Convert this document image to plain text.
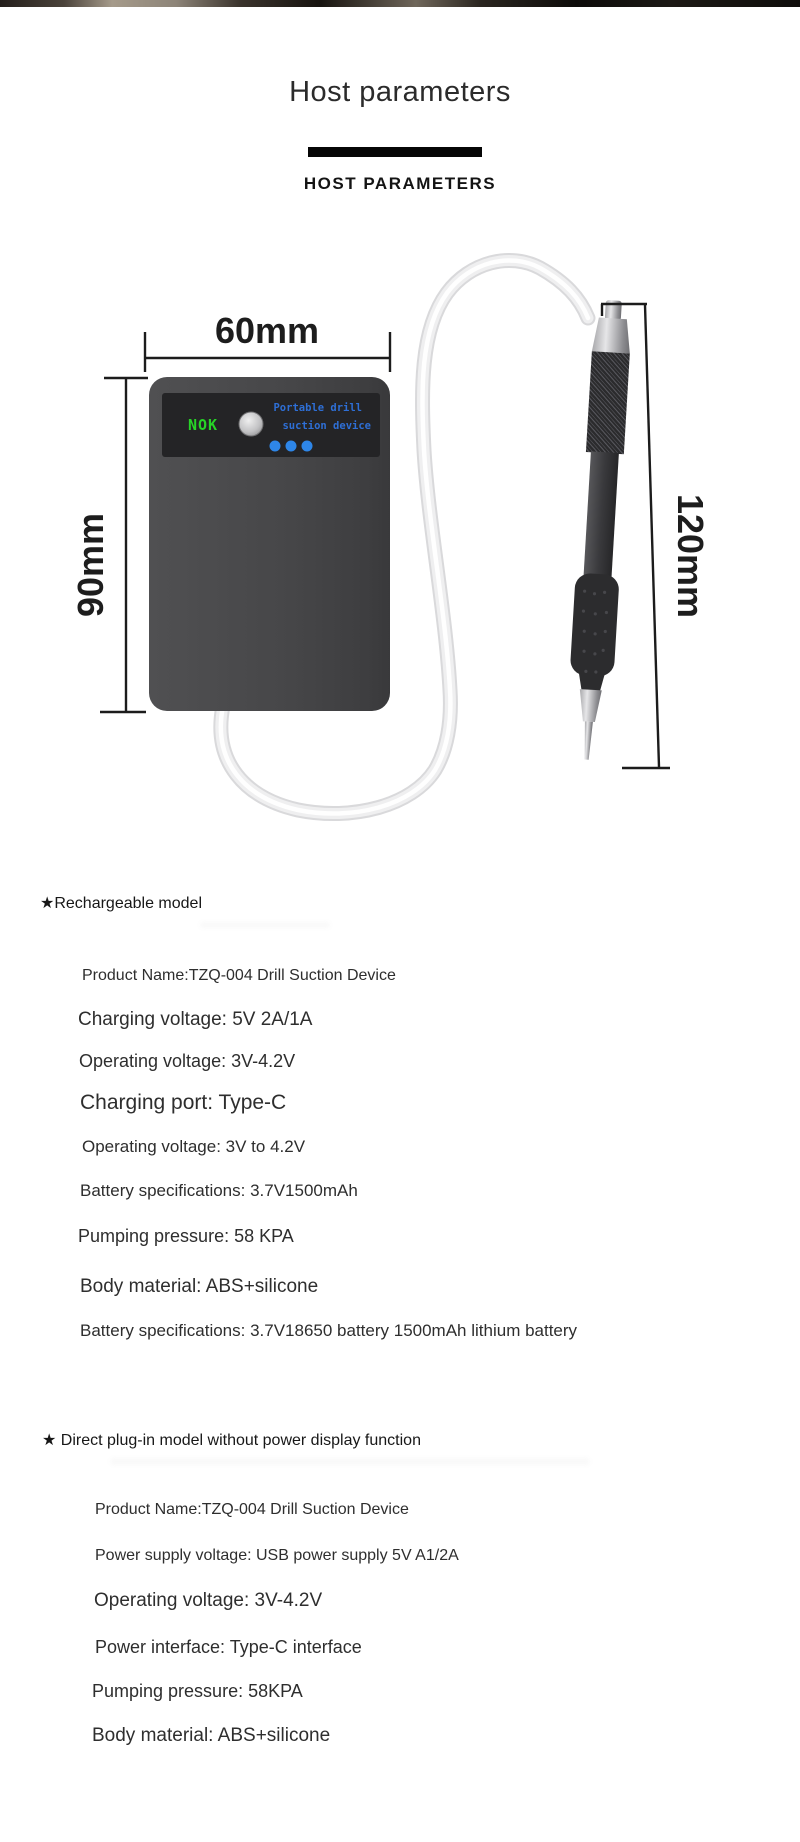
Host parameters
HOST PARAMETERS
NOK
Portable drill
suction device
60mm
90mm	120mm
★Rechargeable model
Product Name:TZQ-004 Drill Suction Device
Charging voltage: 5V 2A/1A
Operating voltage: 3V-4.2V
Charging port: Type-C
Operating voltage: 3V to 4.2V
Battery specifications: 3.7V1500mAh
Pumping pressure: 58 KPA
Body material: ABS+silicone
Battery specifications: 3.7V18650 battery 1500mAh lithium battery
★ Direct plug-in model without power display function
Product Name:TZQ-004 Drill Suction Device
Power supply voltage: USB power supply 5V A1/2A
Operating voltage: 3V-4.2V
Power interface: Type-C interface
Pumping pressure: 58KPA
Body material: ABS+silicone
